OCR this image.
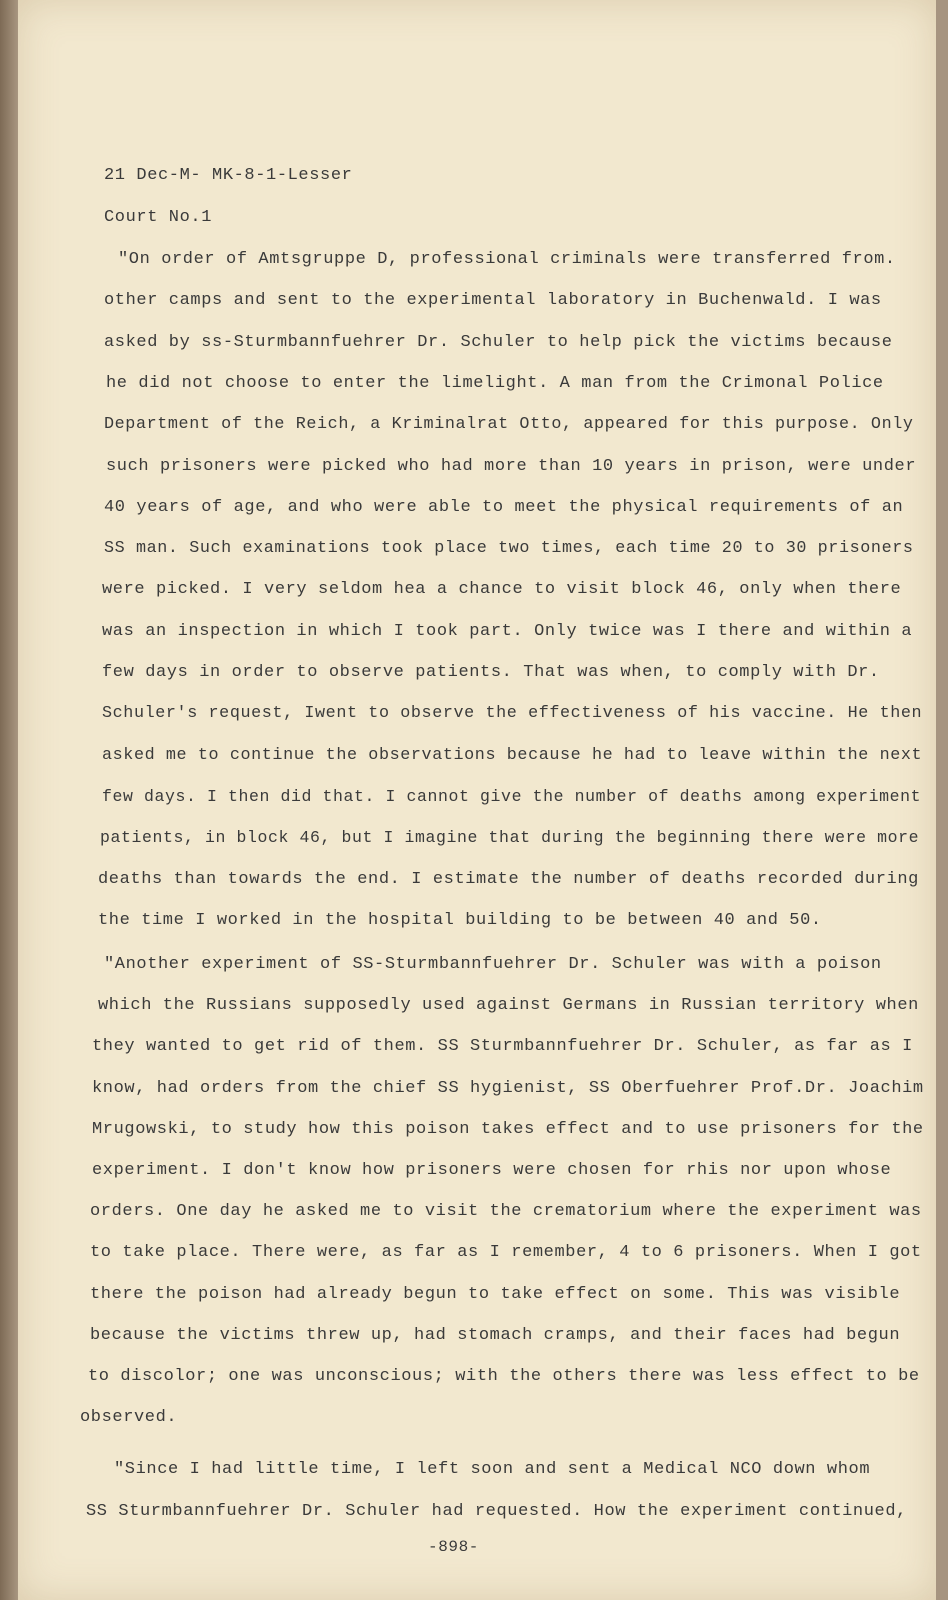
21 Dec-M- MK-8-1-Lesser

Court No.1

"On order of Amtsgruppe D, professional criminals were transferred from.

other camps and sent to the experimental laboratory in Buchenwald. I was

asked by ss-Sturmbannfuehrer Dr. Schuler to help pick the victims because

he did not choose to enter the limelight. A man from the Crimonal Police

Department of the Reich, a Kriminalrat Otto, appeared for this purpose. Only

such prisoners were picked who had more than 10 years in prison, were under

40 years of age, and who were able to meet the physical requirements of an

SS man. Such examinations took place two times, each time 20 to 30 prisoners

were picked. I very seldom hea a chance to visit block 46, only when there

was an inspection in which I took part. Only twice was I there and within a

few days in order to observe patients. That was when, to comply with Dr.

Schuler's request, Iwent to observe the effectiveness of his vaccine. He then

asked me to continue the observations because he had to leave within the next

few days. I then did that. I cannot give the number of deaths among experiment

patients, in block 46, but I imagine that during the beginning there were more

deaths than towards the end. I estimate the number of deaths recorded during

the time I worked in the hospital building to be between 40 and 50.

"Another experiment of SS-Sturmbannfuehrer Dr. Schuler was with a poison

which the Russians supposedly used against Germans in Russian territory when

they wanted to get rid of them. SS Sturmbannfuehrer Dr. Schuler, as far as I

know, had orders from the chief SS hygienist, SS Oberfuehrer Prof.Dr. Joachim

Mrugowski, to study how this poison takes effect and to use prisoners for the

experiment. I don't know how prisoners were chosen for rhis nor upon whose

orders. One day he asked me to visit the crematorium where the experiment was

to take place. There were, as far as I remember, 4 to 6 prisoners. When I got

there the poison had already begun to take effect on some. This was visible

because the victims threw up, had stomach cramps, and their faces had begun

to discolor; one was unconscious; with the others there was less effect to be

observed.

"Since I had little time, I left soon and sent a Medical NCO down whom

SS Sturmbannfuehrer Dr. Schuler had requested. How the experiment continued,

-898-
